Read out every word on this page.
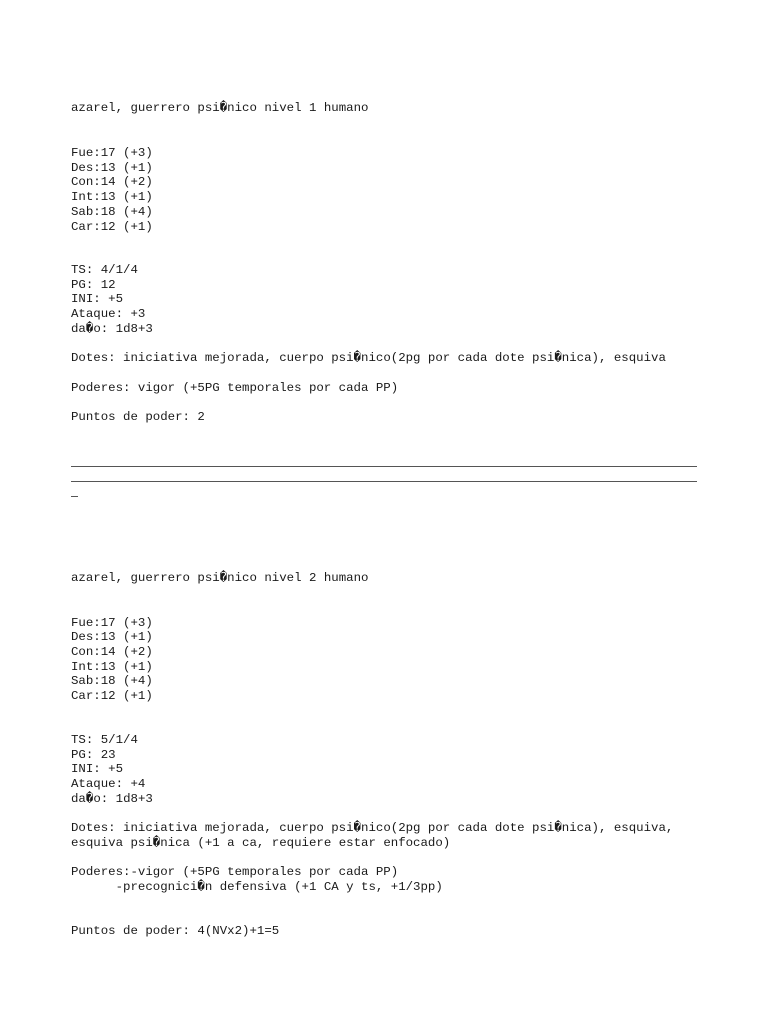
azarel, guerrero psi�nico nivel 1 humano

Fue:17 (+3)

Des:13 (+1)

Con:14 (+2)

Int:13 (+1)

Sab:18 (+4)

Car:12 (+1)

TS: 4/1/4

PG: 12

INI: +5

Ataque: +3

da�o: 1d8+3

Dotes: iniciativa mejorada, cuerpo psi�nico(2pg por cada dote psi�nica), esquiva

Poderes: vigor (+5PG temporales por cada PP)

Puntos de poder: 2

azarel, guerrero psi�nico nivel 2 humano

Fue:17 (+3)

Des:13 (+1)

Con:14 (+2)

Int:13 (+1)

Sab:18 (+4)

Car:12 (+1)

TS: 5/1/4

PG: 23

INI: +5

Ataque: +4

da�o: 1d8+3

Dotes: iniciativa mejorada, cuerpo psi�nico(2pg por cada dote psi�nica), esquiva,

esquiva psi�nica (+1 a ca, requiere estar enfocado)

Poderes:-vigor (+5PG temporales por cada PP)

-precognici�n defensiva (+1 CA y ts, +1/3pp)

Puntos de poder: 4(NVx2)+1=5
